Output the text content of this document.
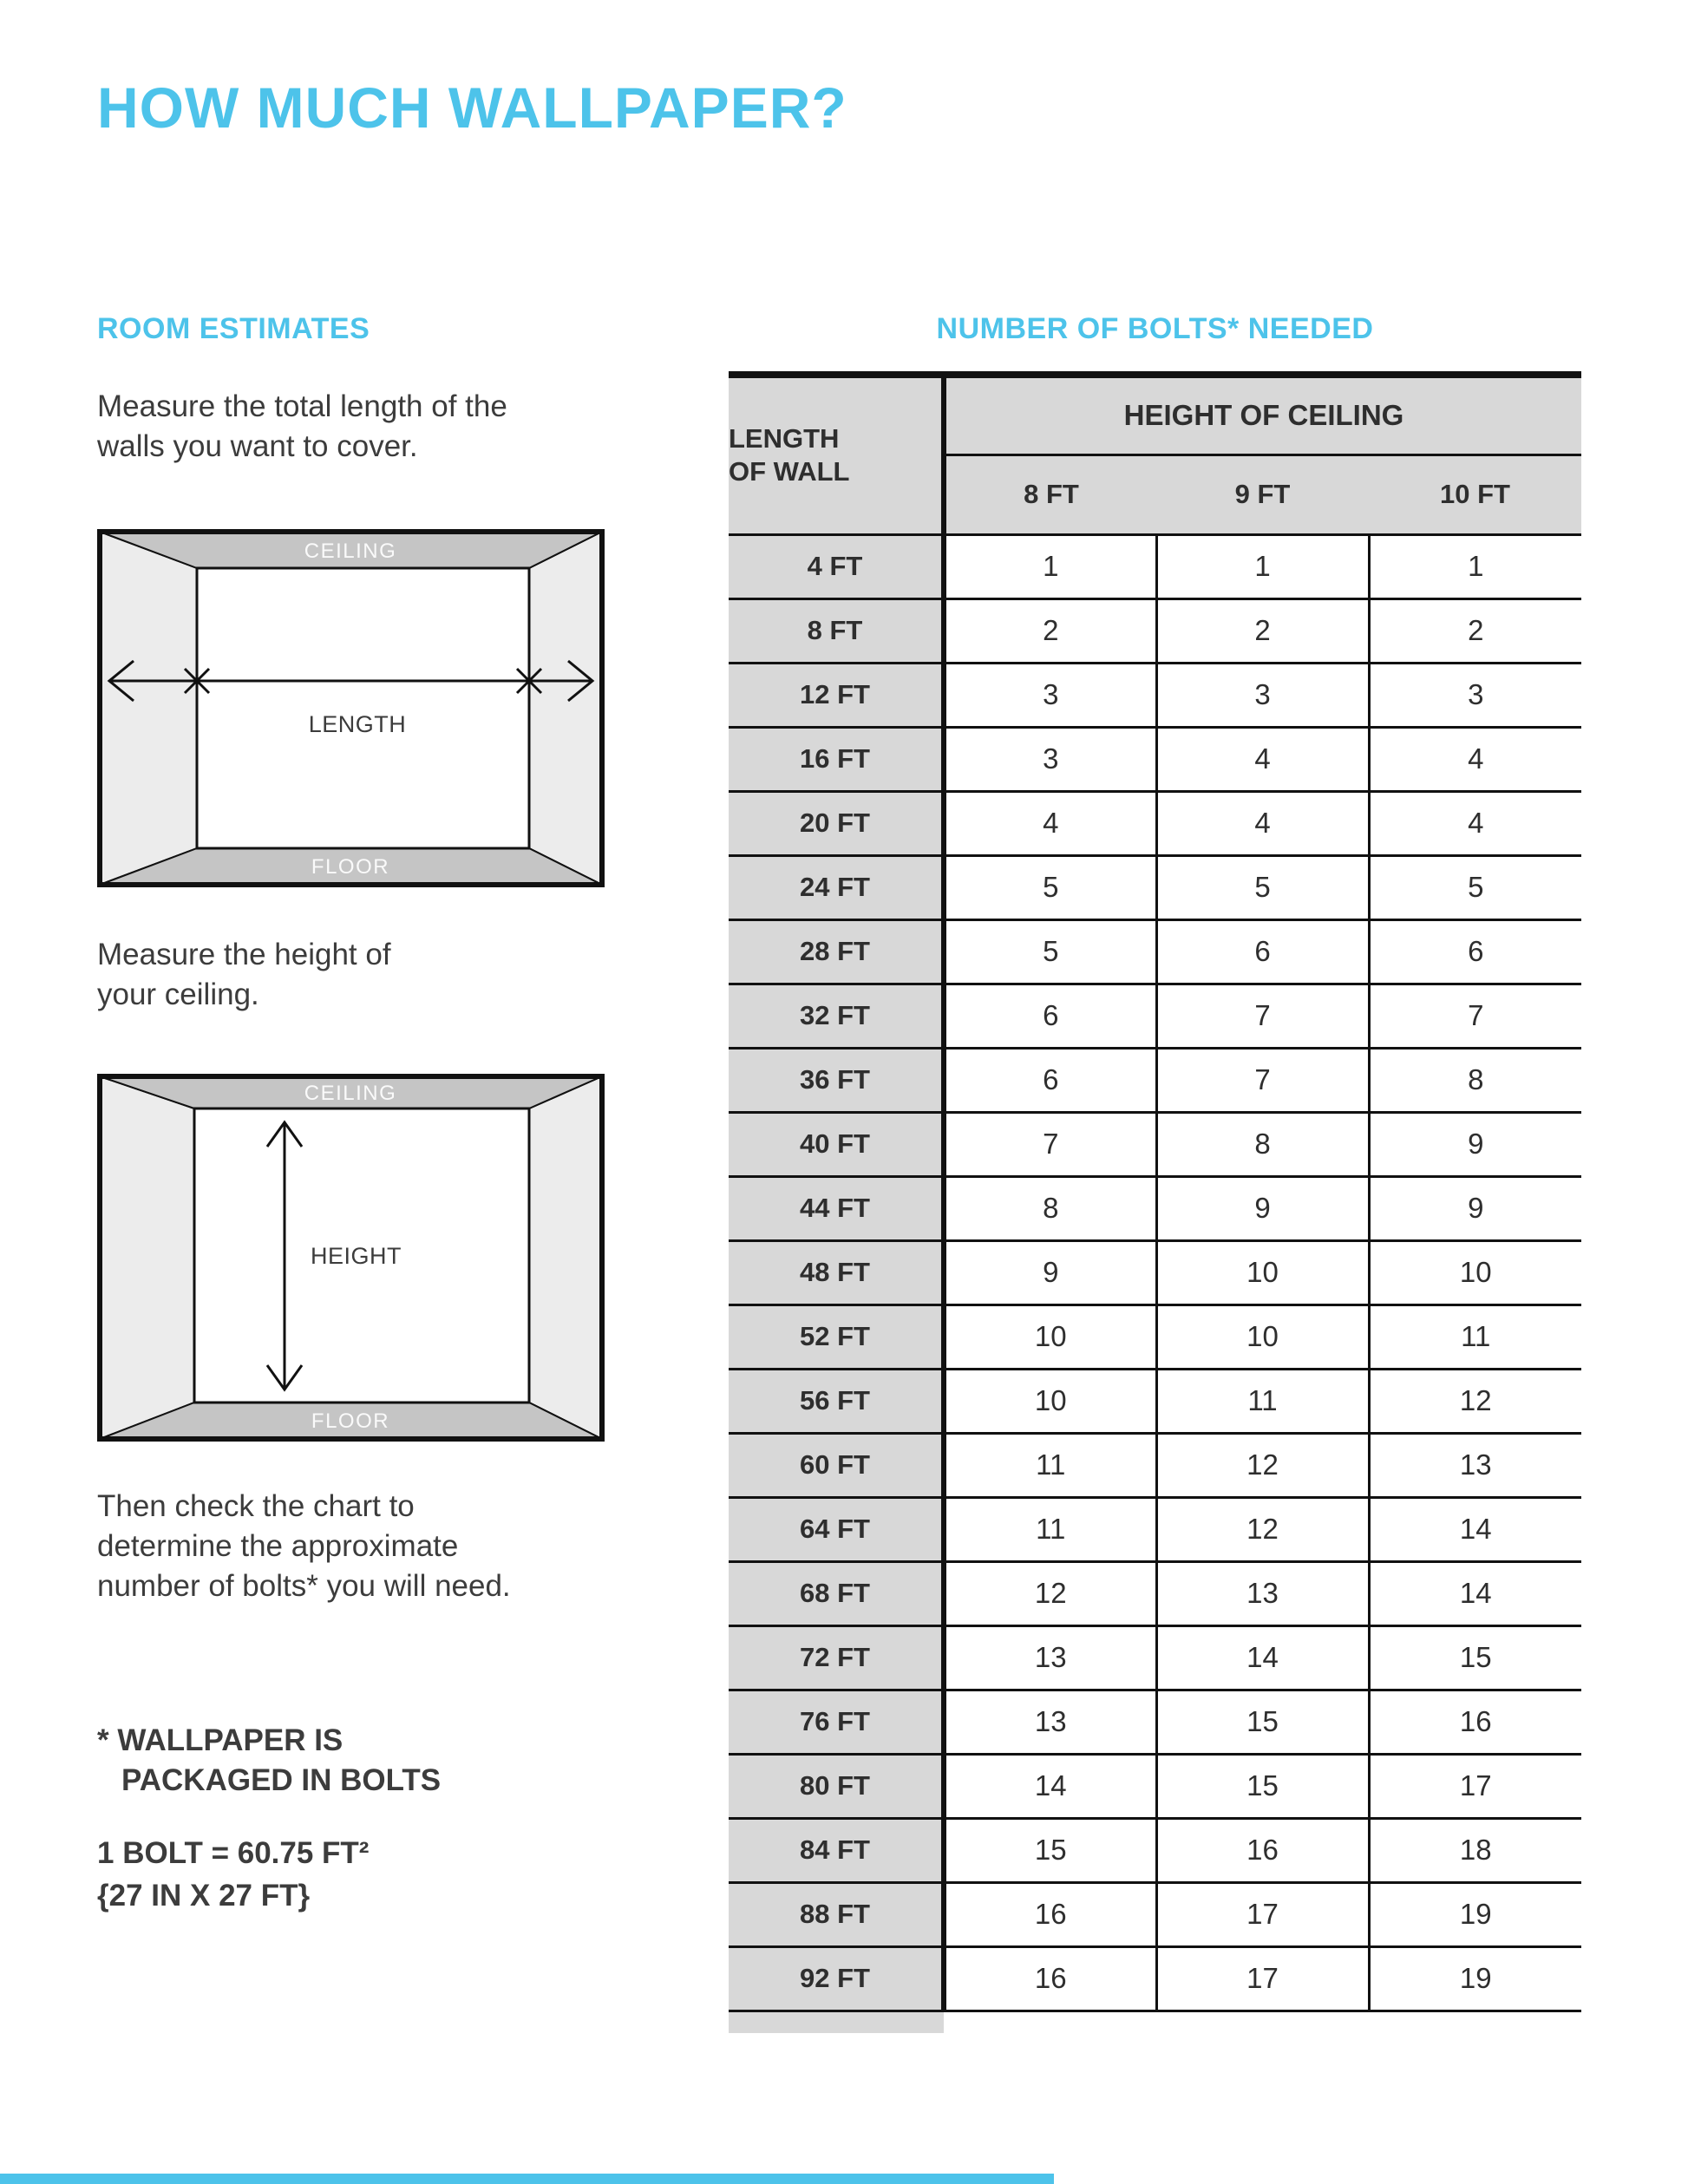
HOW MUCH WALLPAPER?
ROOM ESTIMATES	NUMBER OF BOLTS* NEEDED

Measure the total length of the walls you want to cover.

CEILING
FLOOR
LENGTH

Measure the height of your ceiling.

CEILING
FLOOR
HEIGHT

Then check the chart to determine the approximate number of bolts* you will need.

* WALLPAPER IS
PACKAGED IN BOLTS
1 BOLT = 60.75 FT²
{27 IN X 27 FT}
LENGTH
OF WALL	HEIGHT OF CEILING		
	8 FT	9 FT	10 FT
4 FT	1	1	1
8 FT	2	2	2
12 FT	3	3	3
16 FT	3	4	4
20 FT	4	4	4
24 FT	5	5	5
28 FT	5	6	6
32 FT	6	7	7
36 FT	6	7	8
40 FT	7	8	9
44 FT	8	9	9
48 FT	9	10	10
52 FT	10	10	11
56 FT	10	11	12
60 FT	11	12	13
64 FT	11	12	14
68 FT	12	13	14
72 FT	13	14	15
76 FT	13	15	16
80 FT	14	15	17
84 FT	15	16	18
88 FT	16	17	19
92 FT	16	17	19
